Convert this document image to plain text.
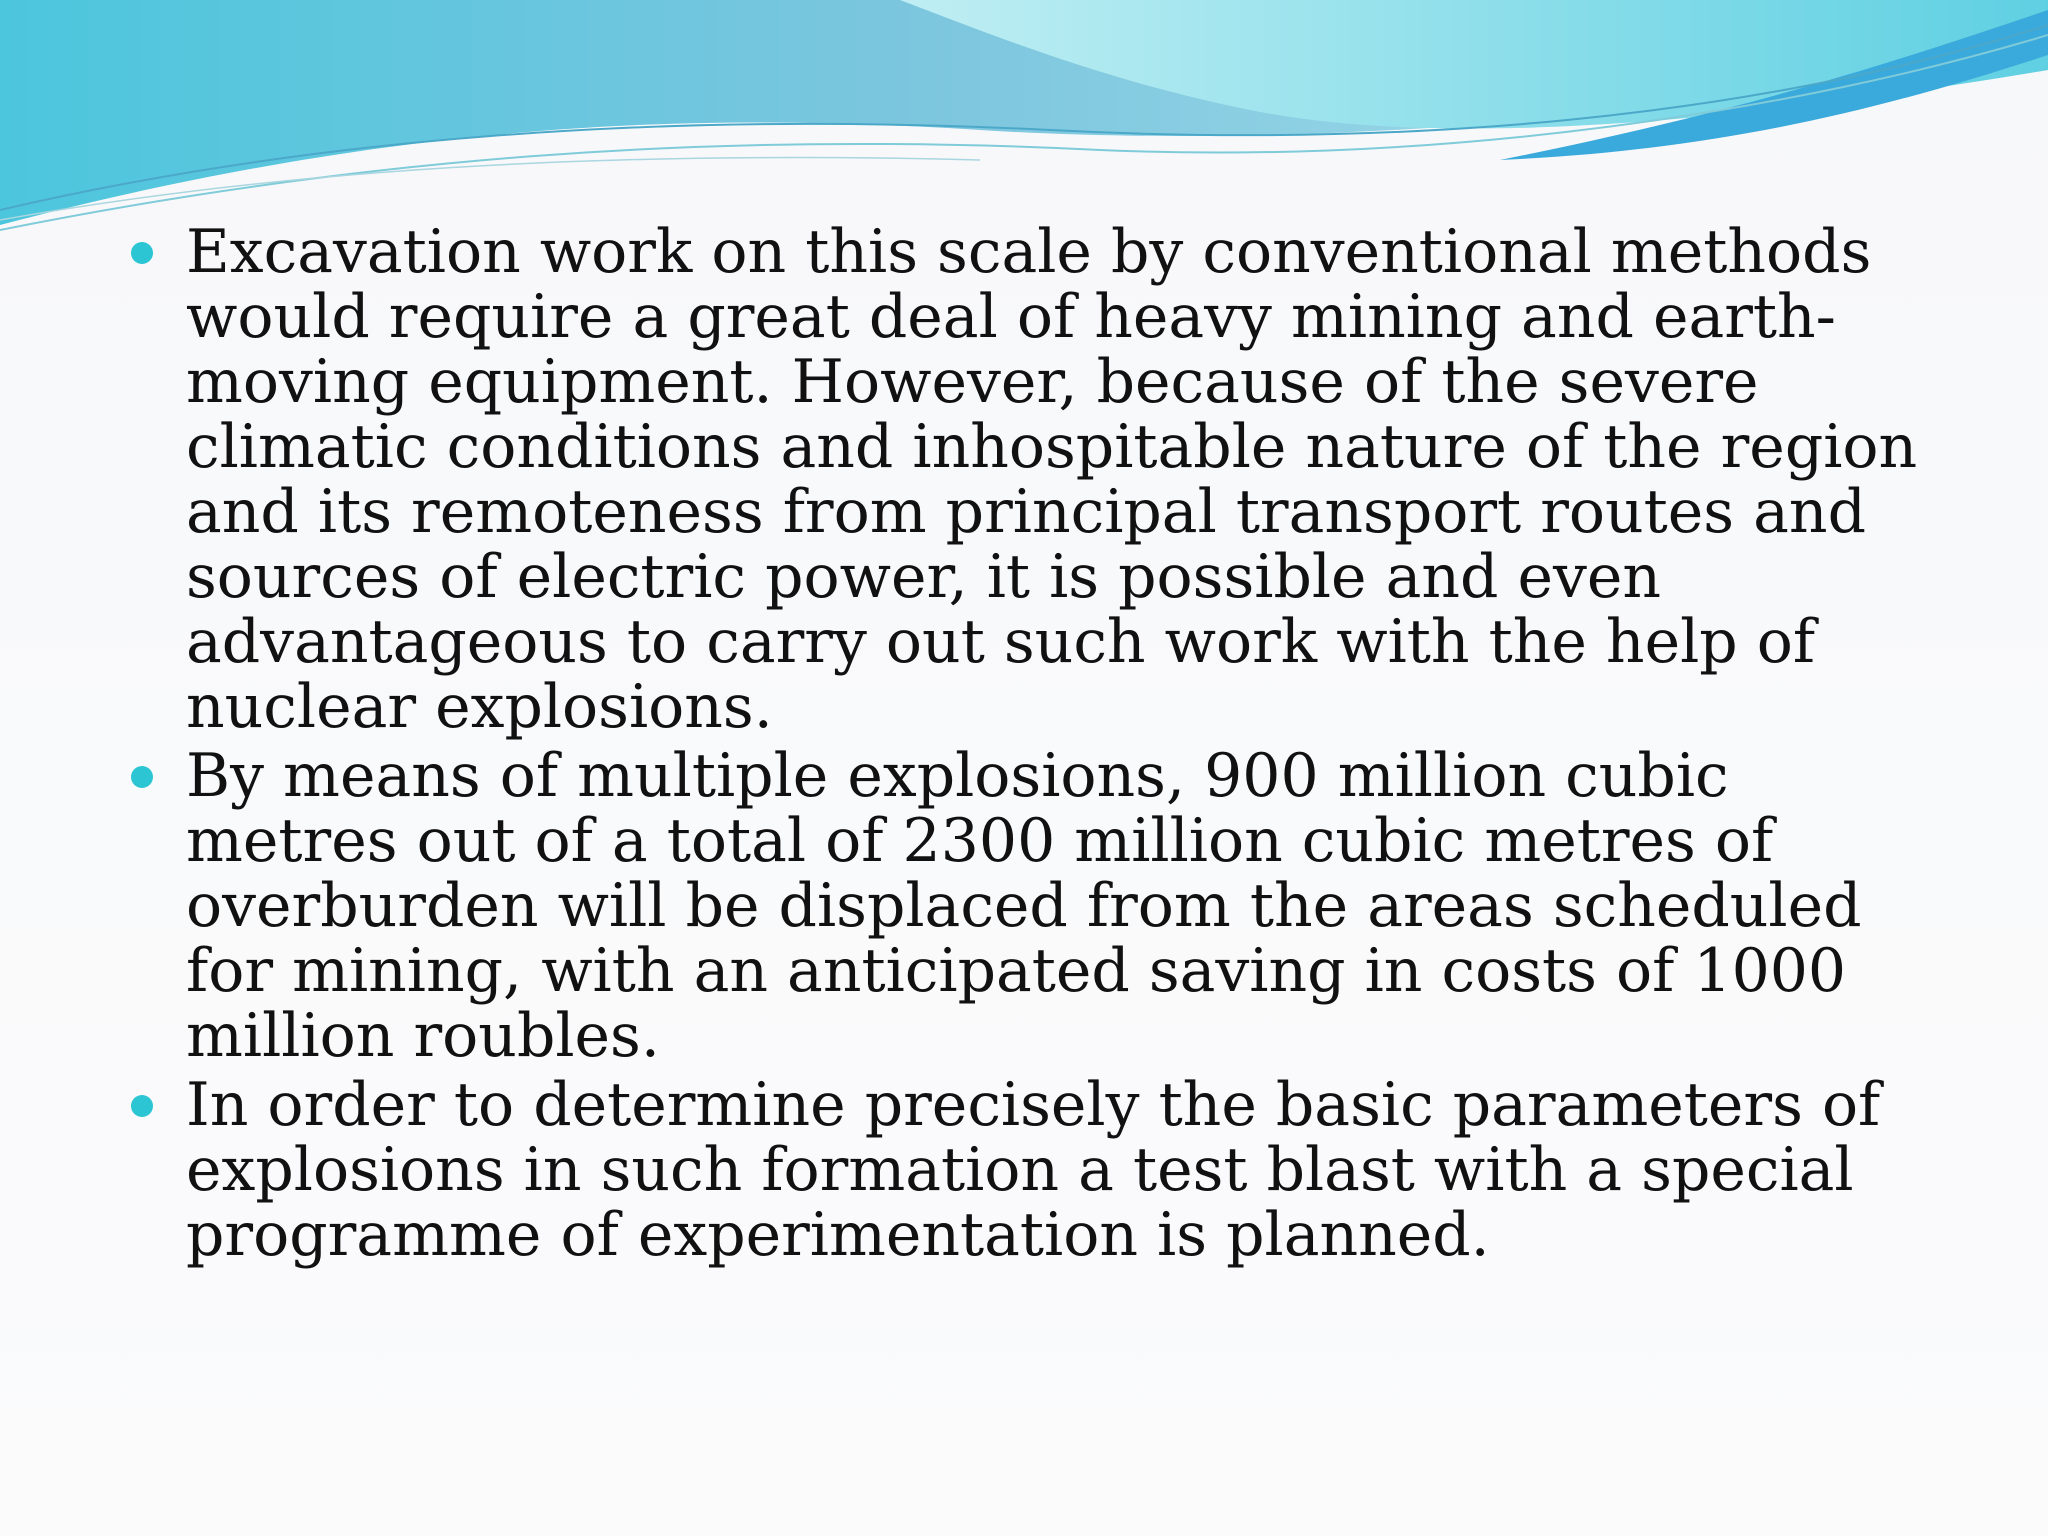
Excavation work on this scale by conventional methods would require a great deal of heavy mining and earth-moving equipment. However, because of the severe climatic conditions and inhospitable nature of the region and its remoteness from principal transport routes and sources of electric power, it is possible and even advantageous to carry out such work with the help of nuclear explosions.
By means of multiple explosions, 900 million cubic metres out of a total of 2300 million cubic metres of overburden will be displaced from the areas scheduled for mining, with an anticipated saving in costs of 1000 million roubles.
In order to determine precisely the basic parameters of explosions in such formation a test blast with a special programme of experimentation is planned.
